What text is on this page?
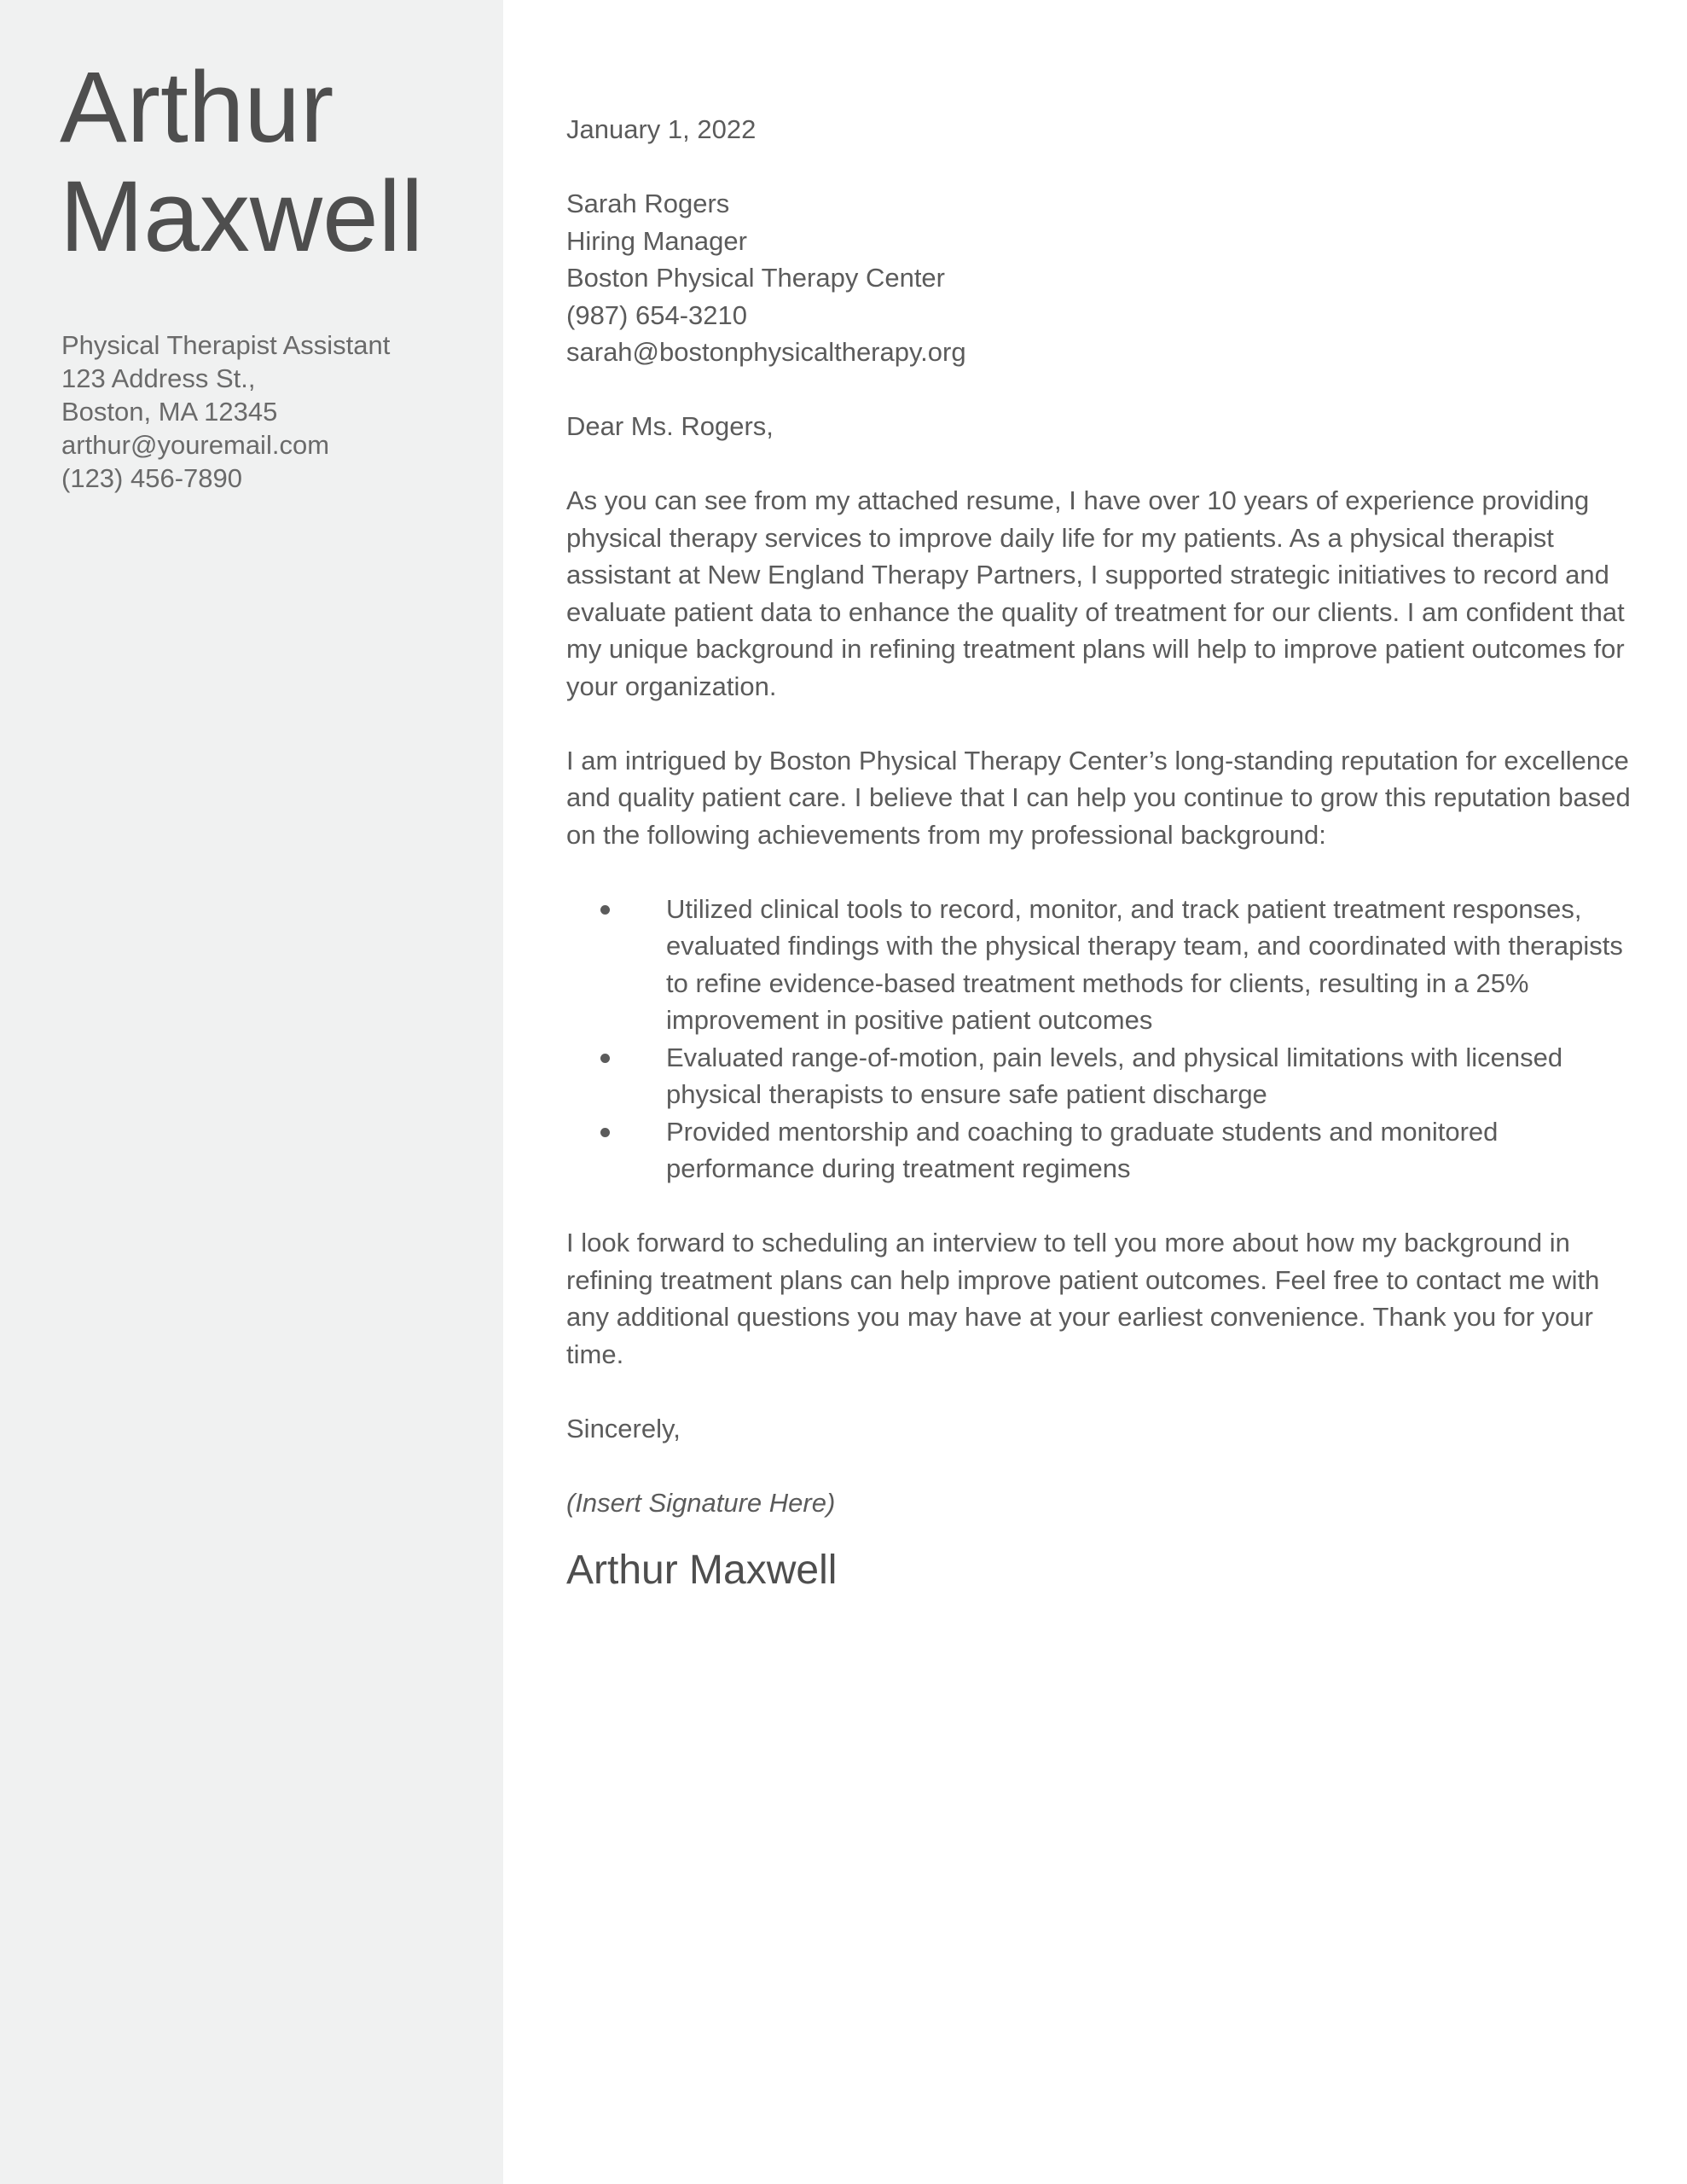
Arthur
Maxwell
Physical Therapist Assistant
123 Address St.,
Boston, MA 12345
arthur@youremail.com
(123) 456-7890

January 1, 2022

Sarah Rogers
Hiring Manager
Boston Physical Therapy Center
(987) 654-3210
sarah@bostonphysicaltherapy.org

Dear Ms. Rogers,

As you can see from my attached resume, I have over 10 years of experience providing physical therapy services to improve daily life for my patients. As a physical therapist assistant at New England Therapy Partners, I supported strategic initiatives to record and evaluate patient data to enhance the quality of treatment for our clients. I am confident that my unique background in refining treatment plans will help to improve patient outcomes for your organization.

I am intrigued by Boston Physical Therapy Center’s long-standing reputation for excellence and quality patient care. I believe that I can help you continue to grow this reputation based on the following achievements from my professional background:

Utilized clinical tools to record, monitor, and track patient treatment responses, evaluated findings with the physical therapy team, and coordinated with therapists to refine evidence-based treatment methods for clients, resulting in a 25% improvement in positive patient outcomes
Evaluated range-of-motion, pain levels, and physical limitations with licensed physical therapists to ensure safe patient discharge
Provided mentorship and coaching to graduate students and monitored performance during treatment regimens

I look forward to scheduling an interview to tell you more about how my background in refining treatment plans can help improve patient outcomes. Feel free to contact me with any additional questions you may have at your earliest convenience. Thank you for your time.

Sincerely,

(Insert Signature Here)

Arthur Maxwell
